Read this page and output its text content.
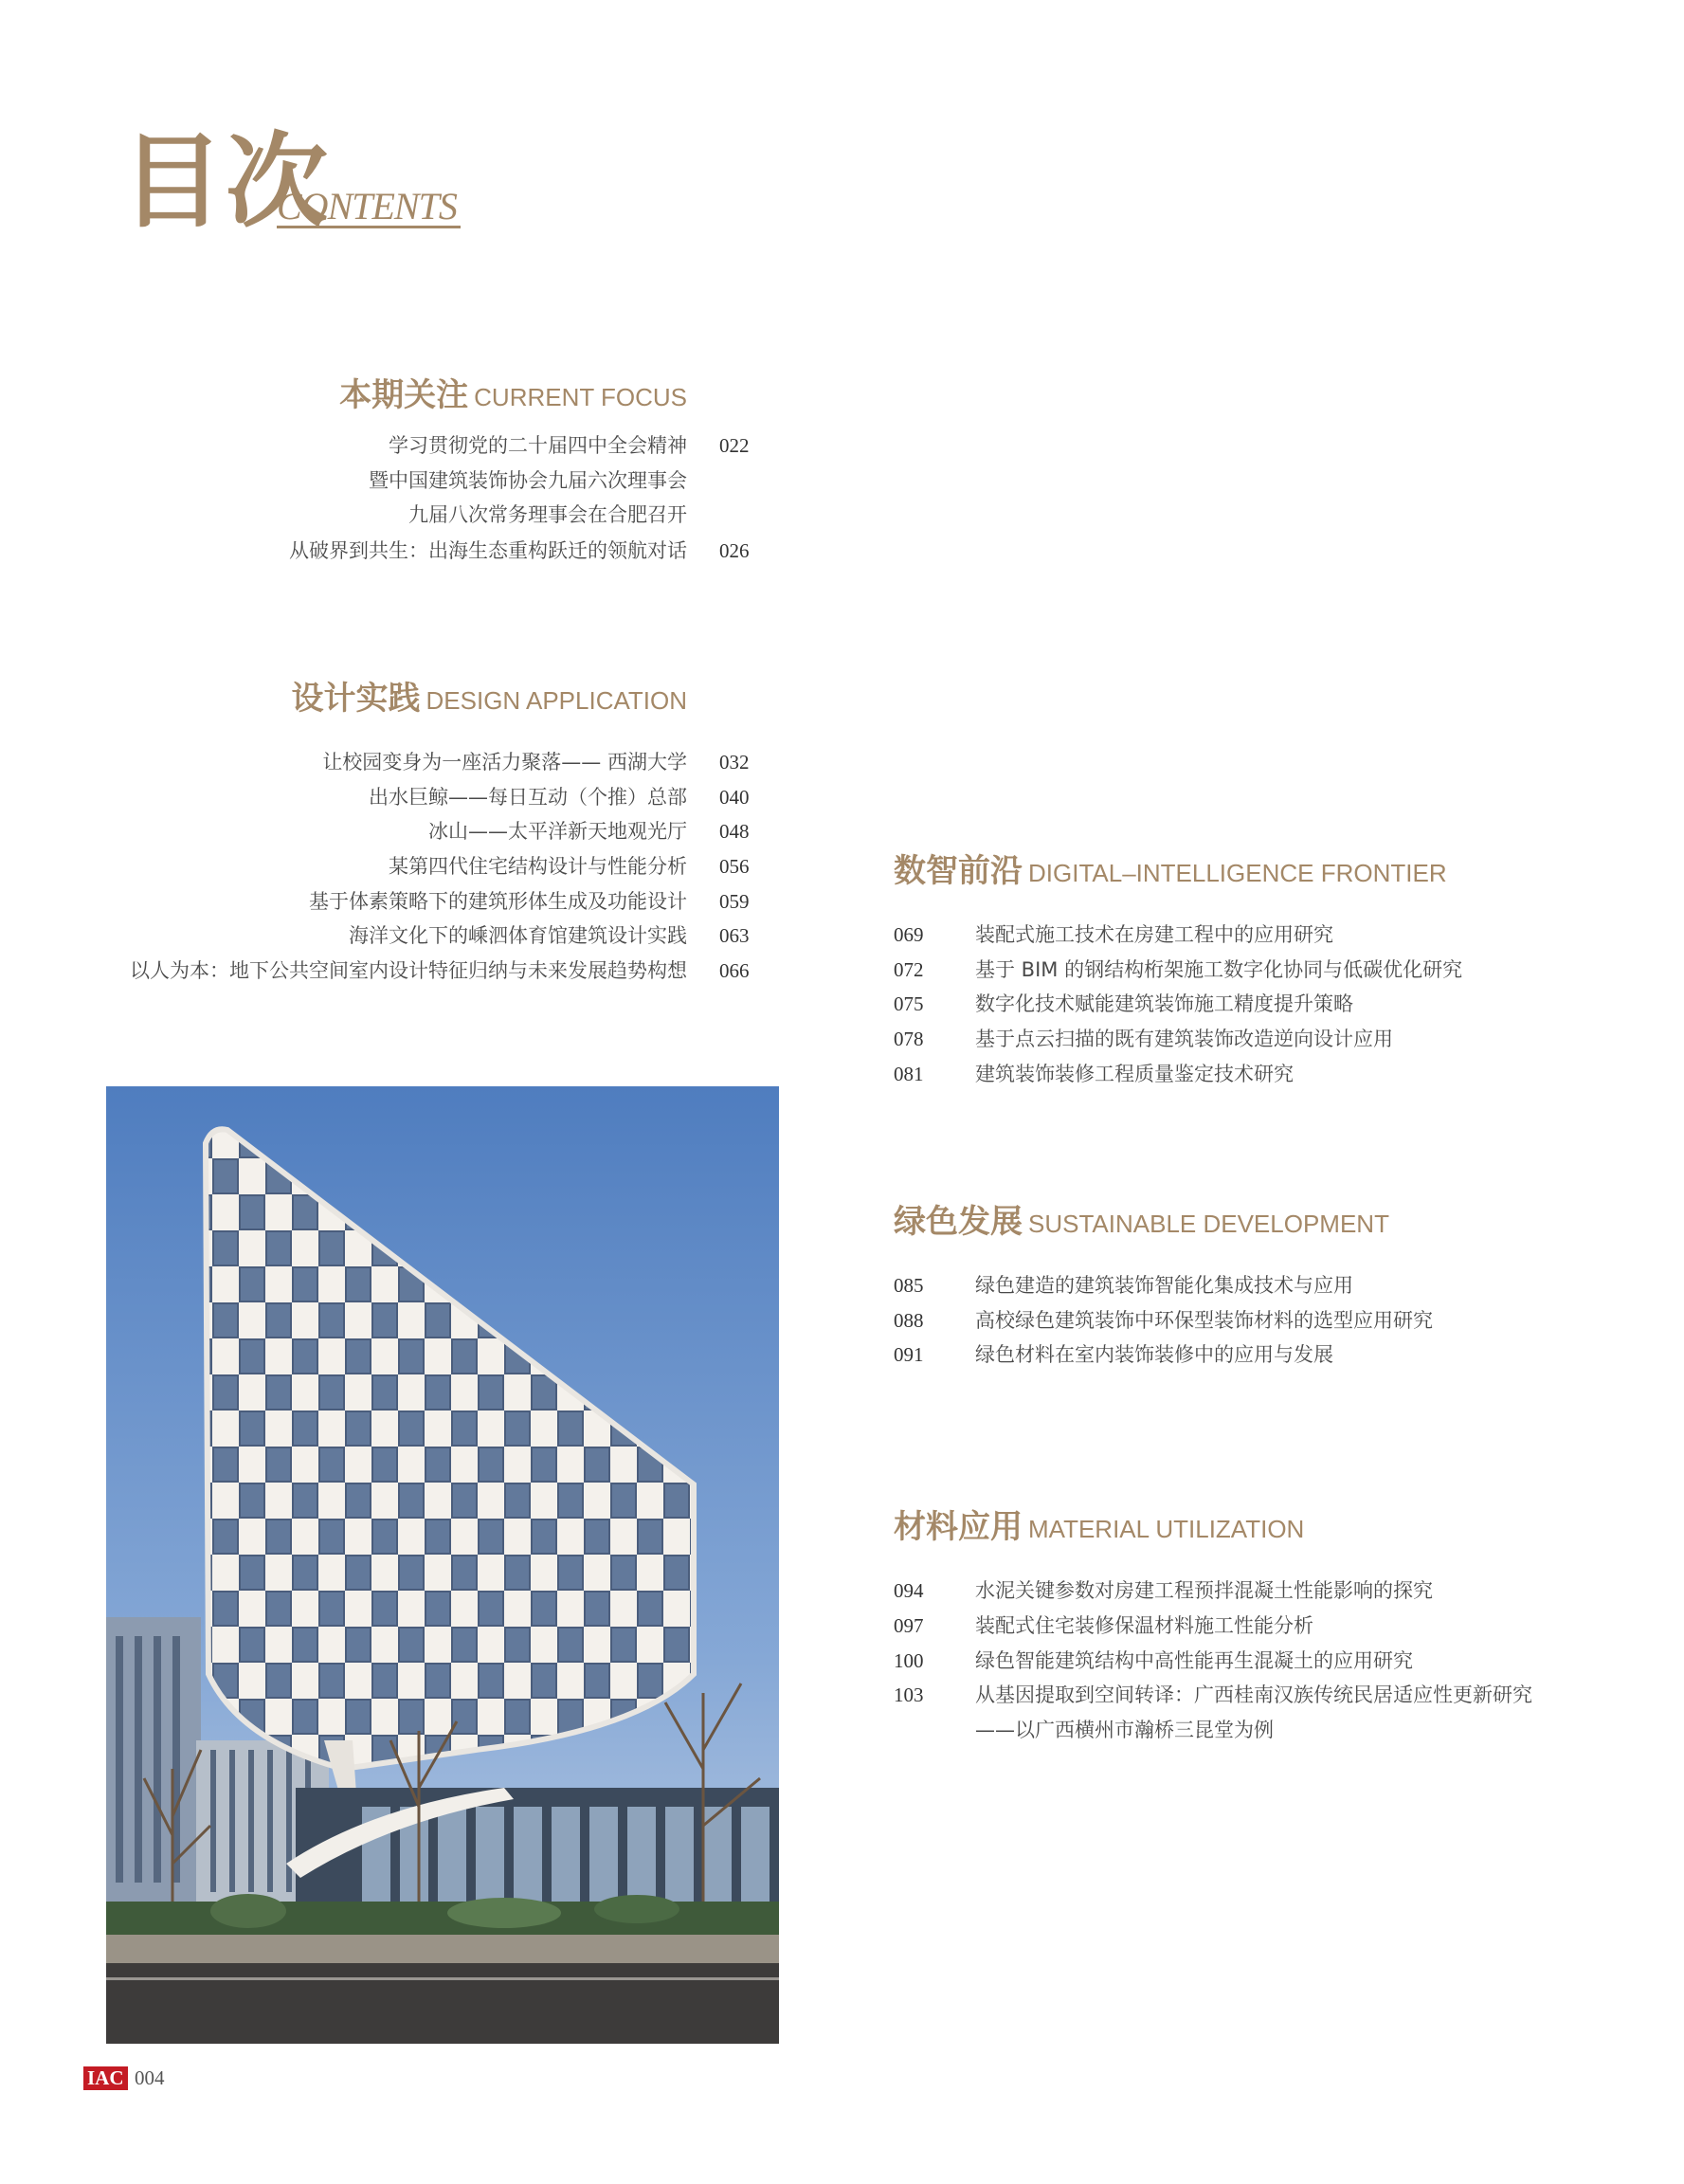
目次
CONTENTS
本期关注 CURRENT FOCUS
学习贯彻党的二十届四中全会精神
暨中国建筑装饰协会九届六次理事会
九届八次常务理事会在合肥召开
022
从破界到共生：出海生态重构跃迁的领航对话 026
设计实践 DESIGN APPLICATION
让校园变身为一座活力聚落—— 西湖大学 032
出水巨鲸——每日互动（个推）总部 040
冰山——太平洋新天地观光厅 048
某第四代住宅结构设计与性能分析 056
基于体素策略下的建筑形体生成及功能设计 059
海洋文化下的嵊泗体育馆建筑设计实践 063
以人为本：地下公共空间室内设计特征归纳与未来发展趋势构想 066
数智前沿 DIGITAL–INTELLIGENCE FRONTIER
069	装配式施工技术在房建工程中的应用研究
072	基于 BIM 的钢结构桁架施工数字化协同与低碳优化研究
075	数字化技术赋能建筑装饰施工精度提升策略
078	基于点云扫描的既有建筑装饰改造逆向设计应用
081	建筑装饰装修工程质量鉴定技术研究
绿色发展 SUSTAINABLE DEVELOPMENT
085	绿色建造的建筑装饰智能化集成技术与应用
088	高校绿色建筑装饰中环保型装饰材料的选型应用研究
091	绿色材料在室内装饰装修中的应用与发展
材料应用 MATERIAL UTILIZATION
094	水泥关键参数对房建工程预拌混凝土性能影响的探究
097	装配式住宅装修保温材料施工性能分析
100	绿色智能建筑结构中高性能再生混凝土的应用研究
103	从基因提取到空间转译：广西桂南汉族传统民居适应性更新研究
——以广西横州市瀚桥三昆堂为例
IAC 004
